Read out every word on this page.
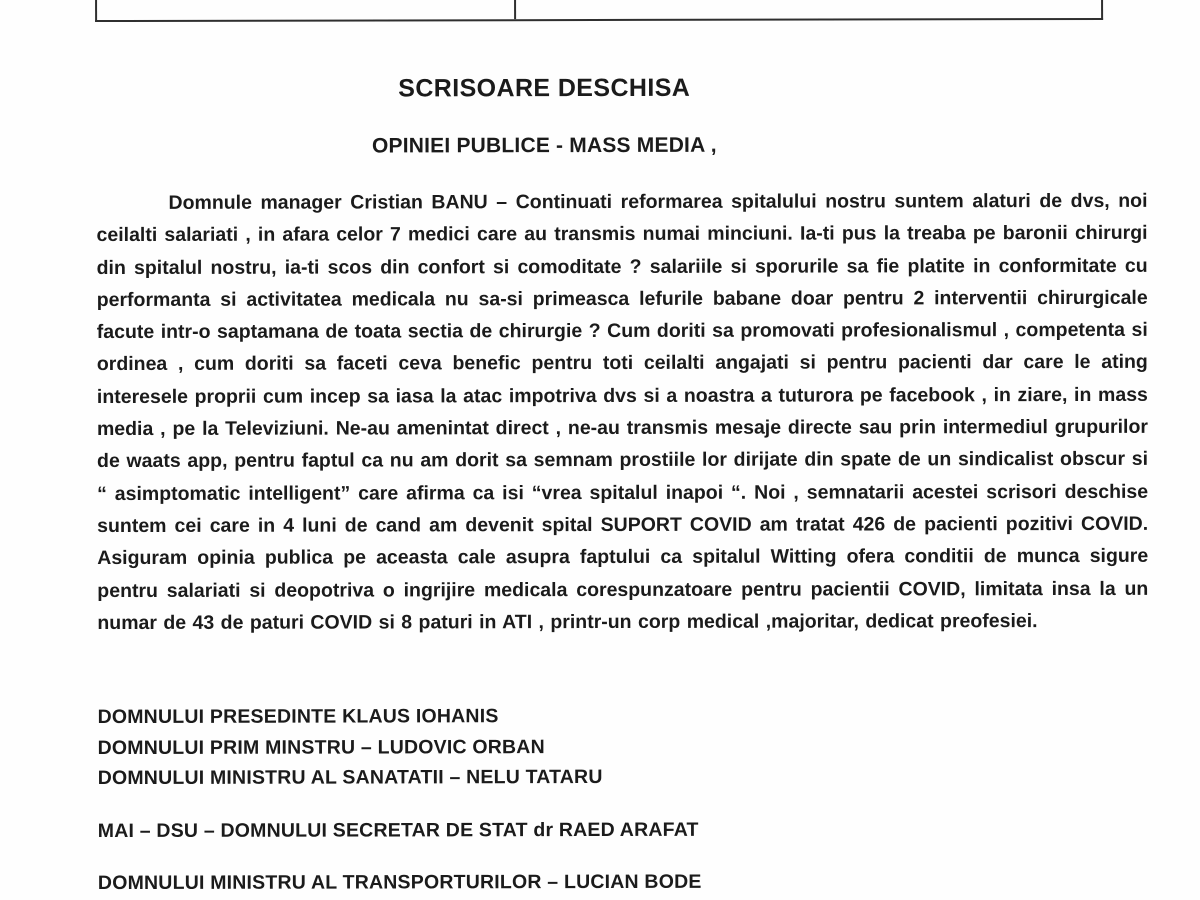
SCRISOARE DESCHISA
OPINIEI PUBLICE - MASS MEDIA ,
Domnule manager Cristian BANU – Continuati reformarea spitalului nostru suntem alaturi de dvs, noi ceilalti salariati , in afara celor 7 medici care au transmis numai minciuni. Ia-ti pus la treaba pe baronii chirurgi din spitalul nostru, ia-ti scos din confort si comoditate ? salariile si sporurile sa fie platite in conformitate cu performanta si activitatea medicala nu sa-si primeasca lefurile babane doar pentru 2 interventii chirurgicale facute intr-o saptamana de toata sectia de chirurgie ? Cum doriti sa promovati profesionalismul , competenta si ordinea , cum doriti sa faceti ceva benefic pentru toti ceilalti angajati si pentru pacienti dar care le ating interesele proprii cum incep sa iasa la atac impotriva dvs si a noastra a tuturora pe facebook , in ziare, in mass media , pe la Televiziuni. Ne-au amenintat direct , ne-au transmis mesaje directe sau prin intermediul grupurilor de waats app, pentru faptul ca nu am dorit sa semnam prostiile lor dirijate din spate de un sindicalist obscur si “ asimptomatic intelligent” care afirma ca isi “vrea spitalul inapoi “. Noi , semnatarii acestei scrisori deschise suntem cei care in 4 luni de cand am devenit spital SUPORT COVID am tratat 426 de pacienti pozitivi COVID. Asiguram opinia publica pe aceasta cale asupra faptului ca spitalul Witting ofera conditii de munca sigure pentru salariati si deopotriva o ingrijire medicala corespunzatoare pentru pacientii COVID, limitata insa la un numar de 43 de paturi COVID si 8 paturi in ATI , printr-un corp medical ,majoritar, dedicat preofesiei.
DOMNULUI PRESEDINTE KLAUS IOHANIS
DOMNULUI PRIM MINSTRU – LUDOVIC ORBAN
DOMNULUI MINISTRU AL SANATATII – NELU TATARU
MAI – DSU – DOMNULUI SECRETAR DE STAT dr RAED ARAFAT
DOMNULUI MINISTRU AL TRANSPORTURILOR – LUCIAN BODE
